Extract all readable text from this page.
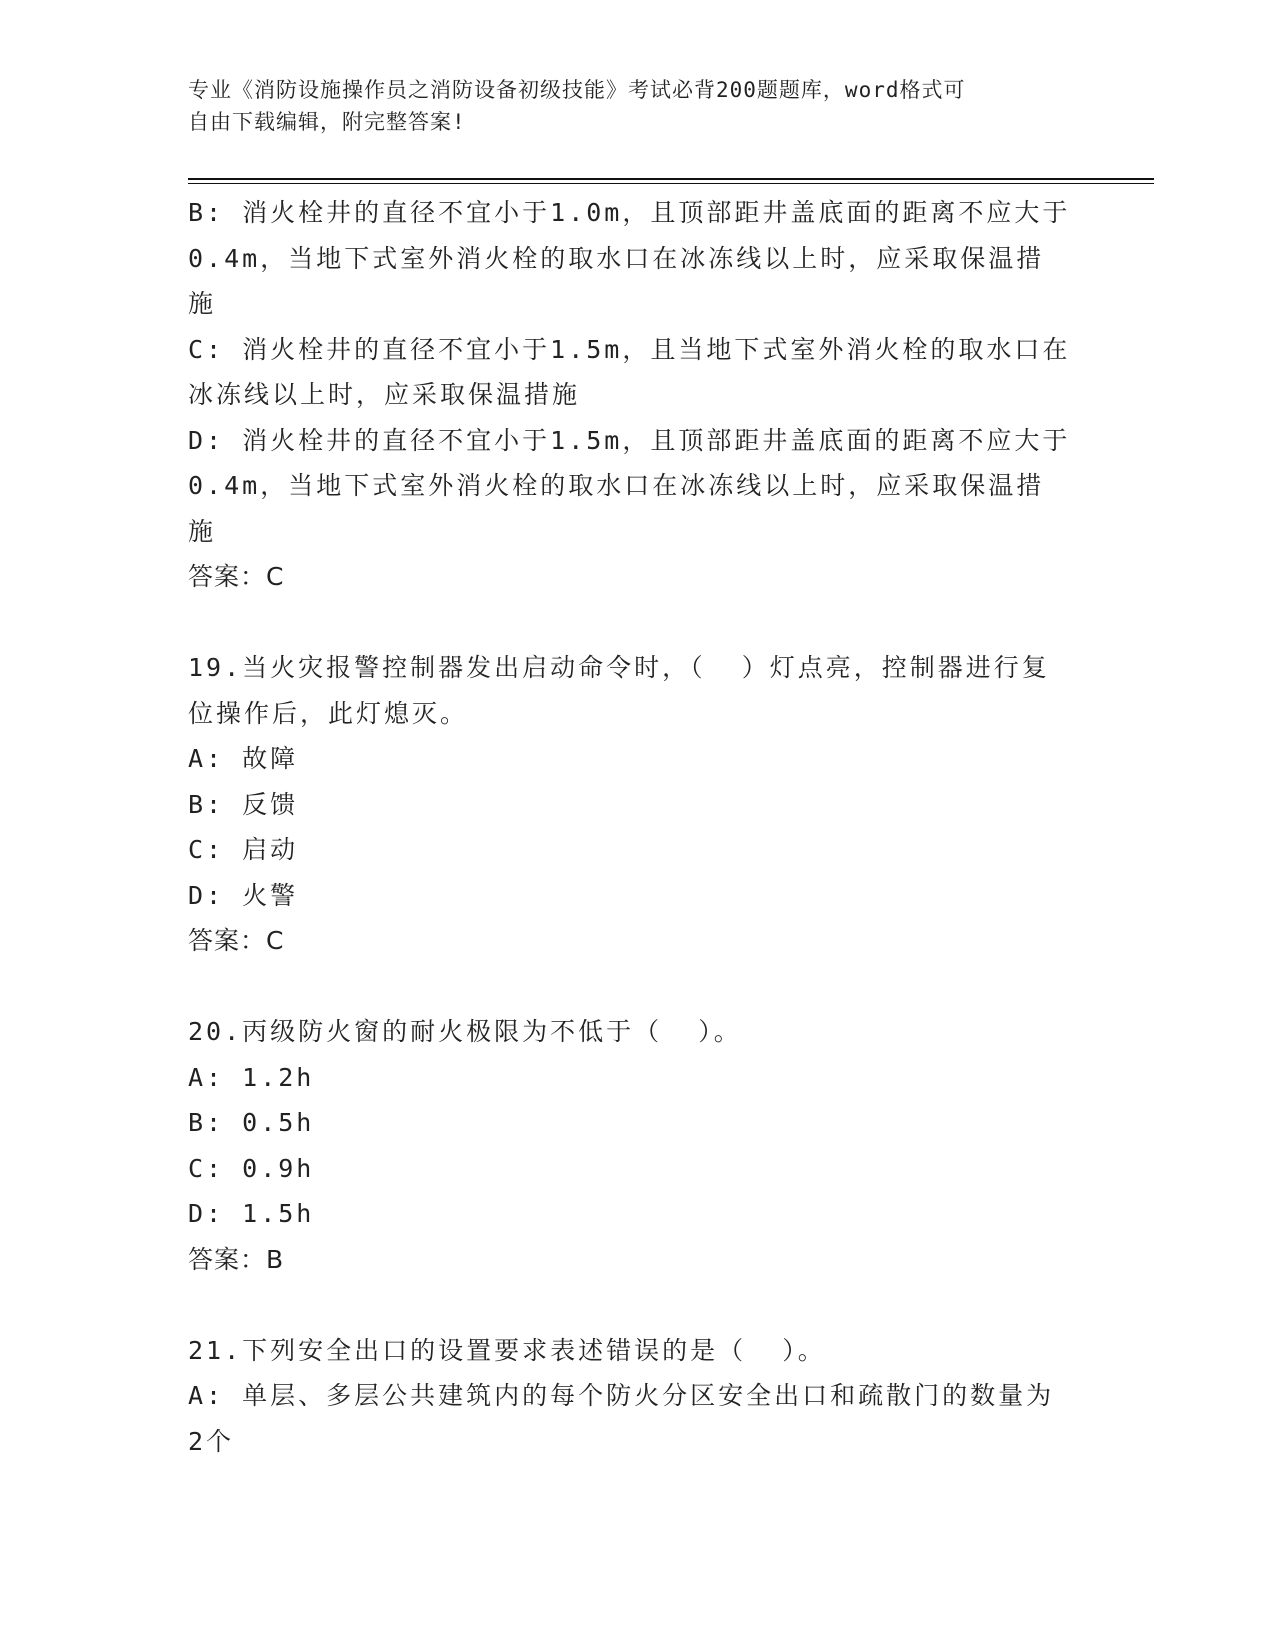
专业《消防设施操作员之消防设备初级技能》考试必背200题题库，word格式可
自由下载编辑，附完整答案!
B: 消火栓井的直径不宜小于1.0m，且顶部距井盖底面的距离不应大于
0.4m，当地下式室外消火栓的取水口在冰冻线以上时，应采取保温措
施
C: 消火栓井的直径不宜小于1.5m，且当地下式室外消火栓的取水口在
冰冻线以上时，应采取保温措施
D: 消火栓井的直径不宜小于1.5m，且顶部距井盖底面的距离不应大于
0.4m，当地下式室外消火栓的取水口在冰冻线以上时，应采取保温措
施
答案：C
19.当火灾报警控制器发出启动命令时，（  ）灯点亮，控制器进行复
位操作后，此灯熄灭。
A: 故障
B: 反馈
C: 启动
D: 火警
答案：C
20.丙级防火窗的耐火极限为不低于（  ）。
A: 1.2h
B: 0.5h
C: 0.9h
D: 1.5h
答案：B
21.下列安全出口的设置要求表述错误的是（  ）。
A: 单层、多层公共建筑内的每个防火分区安全出口和疏散门的数量为
2个
